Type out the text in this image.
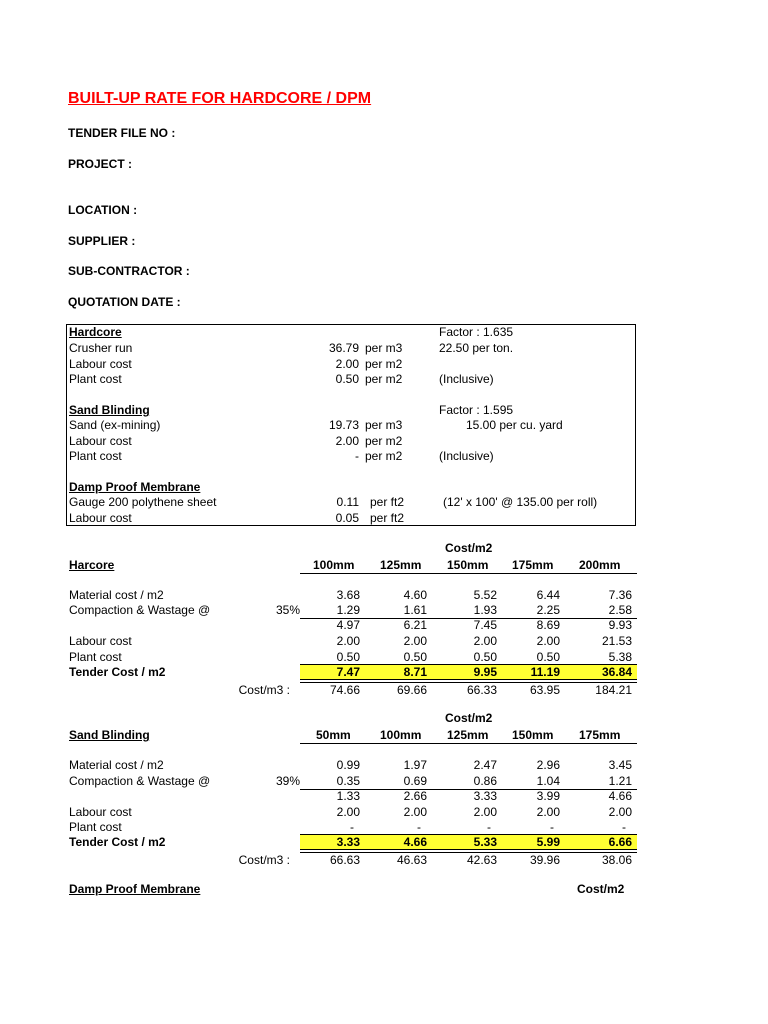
BUILT-UP RATE FOR HARDCORE / DPM
TENDER FILE NO :
PROJECT :
LOCATION :
SUPPLIER :
SUB-CONTRACTOR :
QUOTATION DATE :
Hardcore	Factor : 1.635
Crusher run	36.79 per m3	22.50 per ton.
Labour cost	2.00 per m2
Plant cost	0.50 per m2	(Inclusive)
Sand Blinding	Factor : 1.595
Sand (ex-mining)	19.73 per m3	15.00 per cu. yard
Labour cost	2.00 per m2
Plant cost	- per m2	(Inclusive)
Damp Proof Membrane
Gauge 200 polythene sheet	0.11 per ft2	(12' x 100' @ 135.00 per roll)
Labour cost	0.05 per ft2
Cost/m2
Harcore	100mm 125mm 150mm 175mm 200mm
Material cost / m2	3.68	4.60	5.52	6.44	7.36
Compaction & Wastage @	35%	1.29	1.61	1.93	2.25	2.58
4.97	6.21	7.45	8.69	9.93
Labour cost	2.00	2.00	2.00	2.00	21.53
Plant cost	0.50	0.50	0.50	0.50	5.38
Tender Cost / m2	7.47	8.71	9.95	11.19	36.84
Cost/m3 :	74.66	69.66	66.33	63.95	184.21
Cost/m2
Sand Blinding	50mm 100mm 125mm 150mm 175mm
Material cost / m2	0.99	1.97	2.47	2.96	3.45
Compaction & Wastage @	39%	0.35	0.69	0.86	1.04	1.21
1.33	2.66	3.33	3.99	4.66
Labour cost	2.00	2.00	2.00	2.00	2.00
Plant cost	-	-	-	-	-
Tender Cost / m2	3.33	4.66	5.33	5.99	6.66
Cost/m3 :	66.63	46.63	42.63	39.96	38.06
Damp Proof Membrane	Cost/m2
